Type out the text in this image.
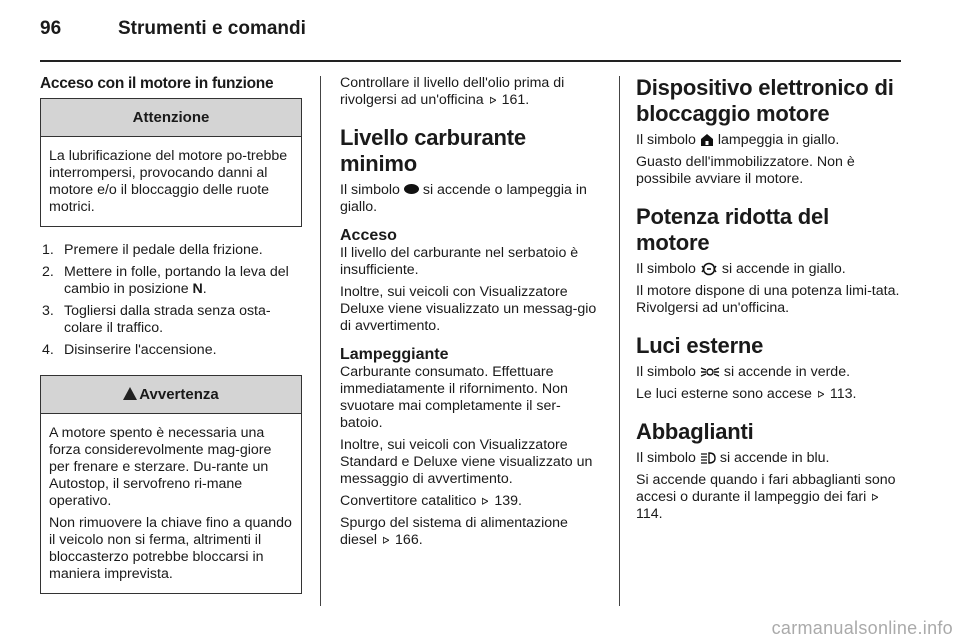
96	Strumenti e comandi
Acceso con il motore in funzione
Attenzione

La lubrificazione del motore po-trebbe interrompersi, provocando danni al motore e/o il bloccaggio delle ruote motrici.

1. Premere il pedale della frizione.
2. Mettere in folle, portando la leva del cambio in posizione N.
3. Togliersi dalla strada senza osta-colare il traffico.
4. Disinserire l'accensione.
Avvertenza

A motore spento è necessaria una forza considerevolmente mag-giore per frenare e sterzare. Du-rante un Autostop, il servofreno ri-mane operativo.

Non rimuovere la chiave fino a quando il veicolo non si ferma, altrimenti il bloccasterzo potrebbe bloccarsi in maniera imprevista.

Controllare il livello dell'olio prima di rivolgersi ad un'officina ⊳ 161.

Livello carburante minimo

Il simbolo si accende o lampeggia in giallo.

Acceso

Il livello del carburante nel serbatoio è insufficiente.

Inoltre, sui veicoli con Visualizzatore Deluxe viene visualizzato un messag-gio di avvertimento.

Lampeggiante

Carburante consumato. Effettuare immediatamente il rifornimento. Non svuotare mai completamente il ser-batoio.

Inoltre, sui veicoli con Visualizzatore Standard e Deluxe viene visualizzato un messaggio di avvertimento.

Convertitore catalitico ⊳ 139.

Spurgo del sistema di alimentazione diesel ⊳ 166.

Dispositivo elettronico di bloccaggio motore

Il simbolo lampeggia in giallo.

Guasto dell'immobilizzatore. Non è possibile avviare il motore.

Potenza ridotta del motore

Il simbolo si accende in giallo.

Il motore dispone di una potenza limi-tata. Rivolgersi ad un'officina.

Luci esterne

Il simbolo si accende in verde.

Le luci esterne sono accese ⊳ 113.

Abbaglianti

Il simbolo si accende in blu.

Si accende quando i fari abbaglianti sono accesi o durante il lampeggio dei fari ⊳ 114.

carmanualsonline.info
